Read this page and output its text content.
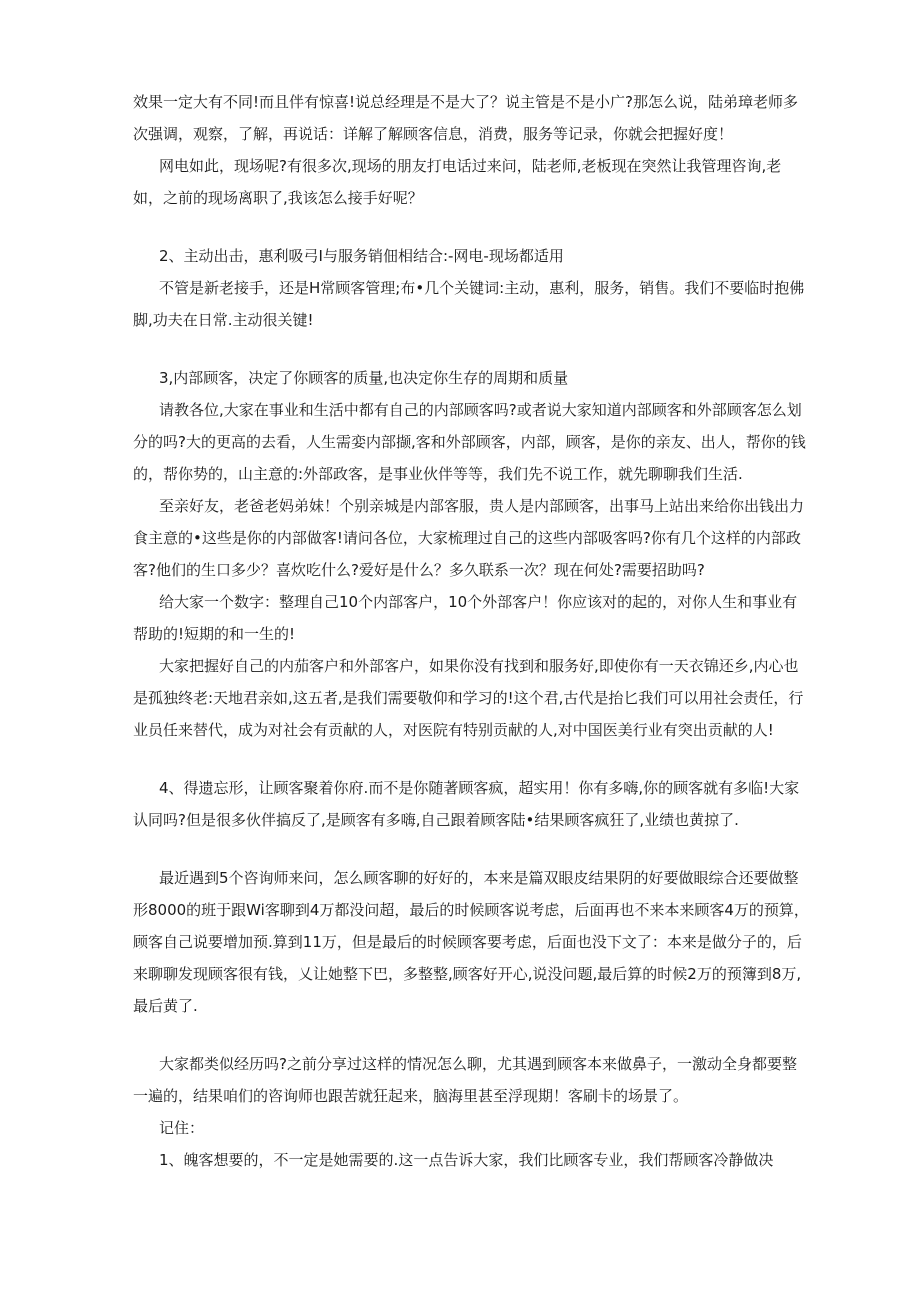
效果一定大有不同!而且伴有惊喜!说总经理是不是大了？说主管是不是小广?那怎么说，陆弟璋老师多次强调，观察，了解，再说话：详解了解顾客信息，消费，服务等记录，你就会把握好度！

网电如此，现场呢?有很多次,现场的朋友打电话过来问，陆老师,老板现在突然让我管理咨询,老如，之前的现场离职了,我该怎么接手好呢？

2、主动出击，惠利吸弓I与服务销佃相结合:-网电-现场都适用

不管是新老接手，还是H常顾客管理;布•几个关键词:主动，惠利，服务，销售。我们不要临时抱佛脚,功夫在日常.主动很关键!

3,内部顾客，决定了你顾客的质量,也决定你生存的周期和质量

请教各位,大家在事业和生活中都有自己的内部顾客吗?或者说大家知道内部顾客和外部顾客怎么划分的吗?大的更高的去看，人生需娈内部撷,客和外部顾客，内部，顾客，是你的亲友、出人，帮你的钱的，帮你势的，山主意的:外部政客，是事业伙伴等等，我们先不说工作，就先聊聊我们生活.

至亲好友，老爸老妈弟妹！个别亲城是内部客服，贵人是内部顾客，出事马上站出来给你出钱出力食主意的•这些是你的内部做客!请问各位，大家梳理过自己的这些内部吸客吗?你有几个这样的内部政客?他们的生口多少？喜炊吃什么?爱好是什么？多久联系一次？现在何处?需要招助吗?

给大家一个数字：整理自己10个内部客户，10个外部客户！你应该对的起的，对你人生和事业有帮助的!短期的和一生的!

大家把握好自己的内茄客户和外部客户，如果你没有找到和服务好,即使你有一天衣锦还乡,内心也是孤独终老:天地君亲如,这五者,是我们需要敬仰和学习的!这个君,古代是抬匕我们可以用社会责任，行业员任来替代，成为对社会有贡献的人，对医院有特别贡献的人,对中国医美行业有突出贡献的人!

4、得遗忘形，让顾客聚着你府.而不是你随著顾客疯，超实用！你有多嗨,你的顾客就有多临!大家认同吗?但是很多伙伴搞反了,是顾客有多嗨,自己跟着顾客陆•结果顾客疯狂了,业绩也黄掠了.

最近遇到5个咨询师来问，怎么顾客聊的好好的，本来是篇双眼皮结果阴的好要做眼综合还要做整形8000的班于跟Wi客聊到4万都没问超，最后的时候顾客说考虑，后面再也不来本来顾客4万的预算，顾客自己说要增加预.算到11万，但是最后的时候顾客要考虑，后面也没下文了：本来是做分子的，后来聊聊发现顾客很有钱，乂让她整下巴，多整整,顾客好开心,说没问题,最后算的时候2万的预簿到8万,最后黄了.

大家都类似经历吗?之前分享过这样的情况怎么聊，尤其遇到顾客本来做鼻子，一激动全身都要整一遍的，结果咱们的咨询师也跟苦就狂起来，脑海里甚至浮现期！客刷卡的场景了。

记住：

1、魄客想要的，不一定是她需要的.这一点告诉大家，我们比顾客专业，我们帮顾客冷静做决
